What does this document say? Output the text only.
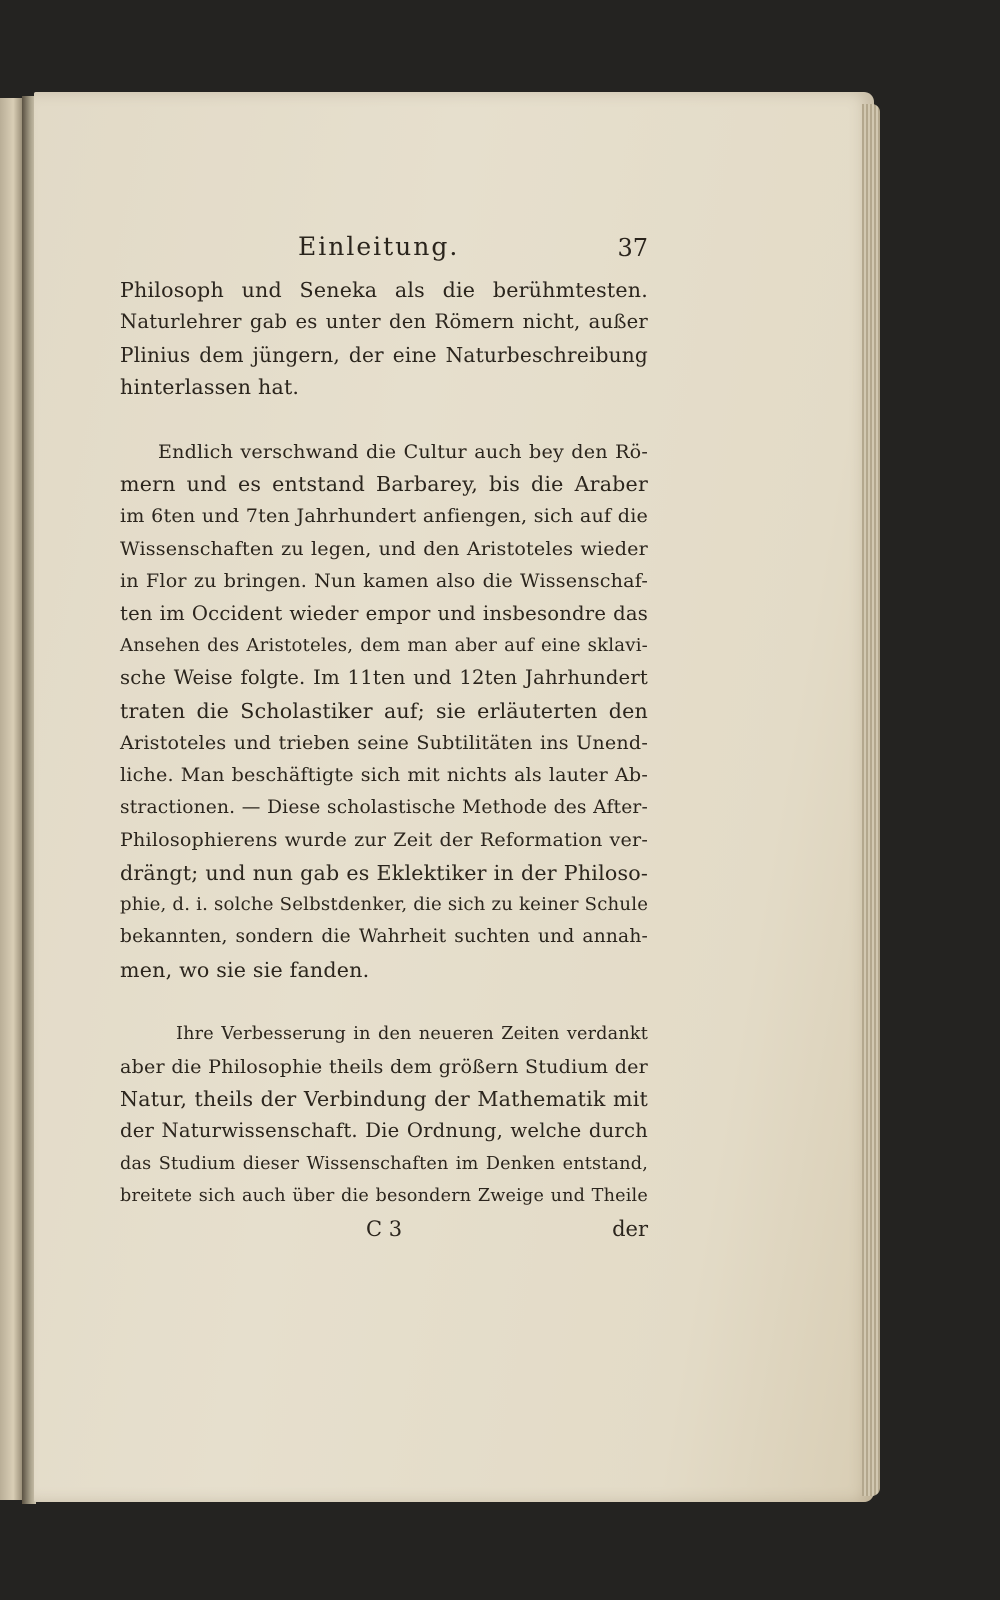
Einleitung.	37
Philosoph und Seneka als die berühmtesten.
Naturlehrer gab es unter den Römern nicht, außer
Plinius dem jüngern, der eine Naturbeschreibung
hinterlassen hat.
Endlich verschwand die Cultur auch bey den Rö-
mern und es entstand Barbarey, bis die Araber
im 6ten und 7ten Jahrhundert anfiengen, sich auf die
Wissenschaften zu legen, und den Aristoteles wieder
in Flor zu bringen. Nun kamen also die Wissenschaf-
ten im Occident wieder empor und insbesondre das
Ansehen des Aristoteles, dem man aber auf eine sklavi-
sche Weise folgte. Im 11ten und 12ten Jahrhundert
traten die Scholastiker auf; sie erläuterten den
Aristoteles und trieben seine Subtilitäten ins Unend-
liche. Man beschäftigte sich mit nichts als lauter Ab-
stractionen. — Diese scholastische Methode des After-
Philosophierens wurde zur Zeit der Reformation ver-
drängt; und nun gab es Eklektiker in der Philoso-
phie, d. i. solche Selbstdenker, die sich zu keiner Schule
bekannten, sondern die Wahrheit suchten und annah-
men, wo sie sie fanden.
Ihre Verbesserung in den neueren Zeiten verdankt
aber die Philosophie theils dem größern Studium der
Natur, theils der Verbindung der Mathematik mit
der Naturwissenschaft. Die Ordnung, welche durch
das Studium dieser Wissenschaften im Denken entstand,
breitete sich auch über die besondern Zweige und Theile
C 3	der
